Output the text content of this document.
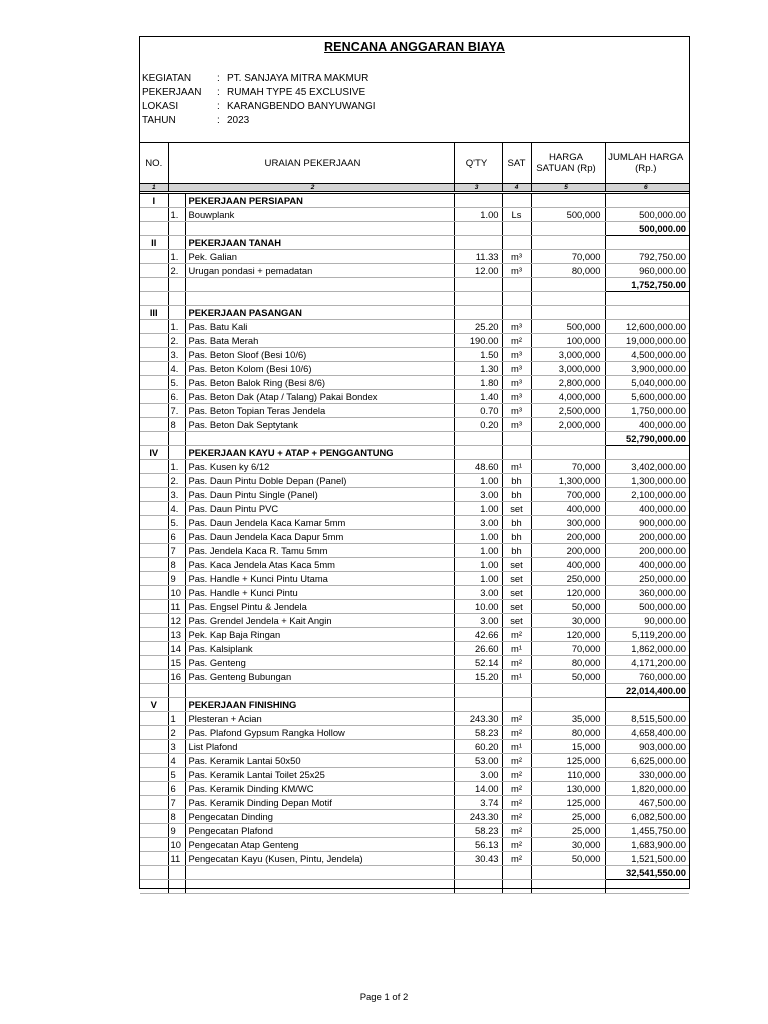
RENCANA ANGGARAN BIAYA
KEGIATAN	: PT. SANJAYA MITRA MAKMUR
PEKERJAAN : RUMAH TYPE 45 EXCLUSIVE
LOKASI	: KARANGBENDO BANYUWANGI
TAHUN	: 2023
NO.	URAIAN PEKERJAAN		Q'TY	SAT	HARGA SATUAN (Rp)	JUMLAH HARGA (Rp.)
1	2		3	4	5	6
I		PEKERJAAN PERSIAPAN				
	1.	Bouwplank	1.00	Ls	500,000	500,000.00
						500,000.00
II		PEKERJAAN TANAH				
	1.	Pek. Galian	11.33	m³	70,000	792,750.00
	2.	Urugan pondasi + pemadatan	12.00	m³	80,000	960,000.00
						1,752,750.00

III		PEKERJAAN PASANGAN				
	1.	Pas. Batu Kali	25.20	m³	500,000	12,600,000.00
	2.	Pas. Bata Merah	190.00	m²	100,000	19,000,000.00
	3.	Pas. Beton Sloof (Besi 10/6)	1.50	m³	3,000,000	4,500,000.00
	4.	Pas. Beton Kolom (Besi 10/6)	1.30	m³	3,000,000	3,900,000.00
	5.	Pas. Beton Balok Ring (Besi 8/6)	1.80	m³	2,800,000	5,040,000.00
	6.	Pas. Beton Dak (Atap / Talang) Pakai Bondex	1.40	m³	4,000,000	5,600,000.00
	7.	Pas. Beton Topian Teras Jendela	0.70	m³	2,500,000	1,750,000.00
	8	Pas. Beton Dak Septytank	0.20	m³	2,000,000	400,000.00
						52,790,000.00
IV		PEKERJAAN KAYU + ATAP + PENGGANTUNG				
	1.	Pas. Kusen ky 6/12	48.60	m¹	70,000	3,402,000.00
	2.	Pas. Daun Pintu Doble Depan (Panel)	1.00	bh	1,300,000	1,300,000.00
	3.	Pas. Daun Pintu Single (Panel)	3.00	bh	700,000	2,100,000.00
	4.	Pas. Daun Pintu PVC	1.00	set	400,000	400,000.00
	5.	Pas. Daun Jendela Kaca Kamar 5mm	3.00	bh	300,000	900,000.00
	6	Pas. Daun Jendela Kaca Dapur 5mm	1.00	bh	200,000	200,000.00
	7	Pas. Jendela Kaca R. Tamu 5mm	1.00	bh	200,000	200,000.00
	8	Pas. Kaca Jendela Atas Kaca 5mm	1.00	set	400,000	400,000.00
	9	Pas. Handle + Kunci Pintu Utama	1.00	set	250,000	250,000.00
	10	Pas. Handle + Kunci Pintu	3.00	set	120,000	360,000.00
	11	Pas. Engsel Pintu & Jendela	10.00	set	50,000	500,000.00
	12	Pas. Grendel Jendela + Kait Angin	3.00	set	30,000	90,000.00
	13	Pek. Kap Baja Ringan	42.66	m²	120,000	5,119,200.00
	14	Pas. Kalsiplank	26.60	m¹	70,000	1,862,000.00
	15	Pas. Genteng	52.14	m²	80,000	4,171,200.00
	16	Pas. Genteng Bubungan	15.20	m¹	50,000	760,000.00
						22,014,400.00
V		PEKERJAAN FINISHING				
	1	Plesteran + Acian	243.30	m²	35,000	8,515,500.00
	2	Pas. Plafond Gypsum Rangka Hollow	58.23	m²	80,000	4,658,400.00
	3	List Plafond	60.20	m¹	15,000	903,000.00
	4	Pas. Keramik Lantai 50x50	53.00	m²	125,000	6,625,000.00
	5	Pas. Keramik Lantai Toilet 25x25	3.00	m²	110,000	330,000.00
	6	Pas. Keramik Dinding KM/WC	14.00	m²	130,000	1,820,000.00
	7	Pas. Keramik Dinding Depan Motif	3.74	m²	125,000	467,500.00
	8	Pengecatan Dinding	243.30	m²	25,000	6,082,500.00
	9	Pengecatan Plafond	58.23	m²	25,000	1,455,750.00
	10	Pengecatan Atap Genteng	56.13	m²	30,000	1,683,900.00
	11	Pengecatan Kayu (Kusen, Pintu, Jendela)	30.43	m²	50,000	1,521,500.00
						32,541,550.00

Page 1 of 2
